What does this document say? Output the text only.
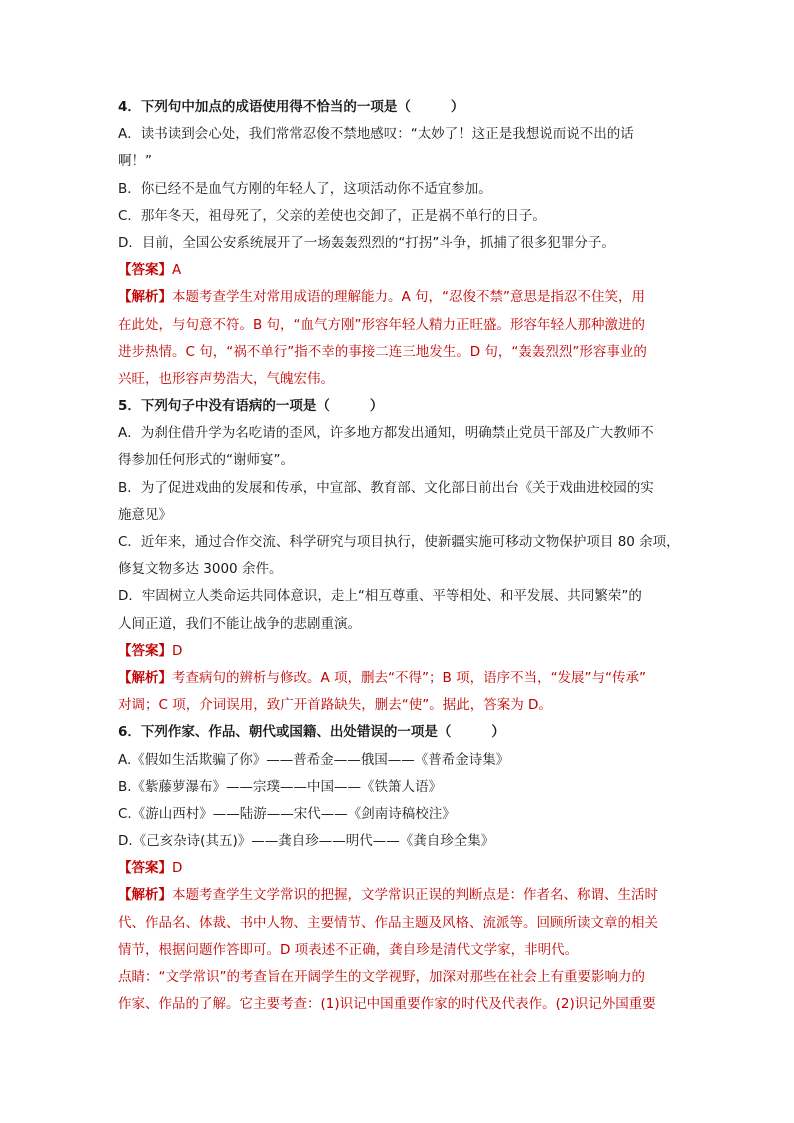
4．下列句中加点的成语使用得不恰当的一项是（	）
A．读书读到会心处，我们常常忍俊不禁地感叹：“太妙了！这正是我想说而说不出的话
啊！”
B．你已经不是血气方刚的年轻人了，这项活动你不适宜参加。
C．那年冬天，祖母死了，父亲的差使也交卸了，正是祸不单行的日子。
D．目前，全国公安系统展开了一场轰轰烈烈的“打拐”斗争，抓捕了很多犯罪分子。
【答案】A
【解析】本题考查学生对常用成语的理解能力。A 句，“忍俊不禁”意思是指忍不住笑，用
在此处，与句意不符。B 句，“血气方刚”形容年轻人精力正旺盛。形容年轻人那种激进的
进步热情。C 句，“祸不单行”指不幸的事接二连三地发生。D 句，“轰轰烈烈”形容事业的
兴旺，也形容声势浩大，气魄宏伟。
5．下列句子中没有语病的一项是（	）
A．为刹住借升学为名吃请的歪风，许多地方都发出通知，明确禁止党员干部及广大教师不
得参加任何形式的“谢师宴”。
B．为了促进戏曲的发展和传承，中宣部、教育部、文化部日前出台《关于戏曲进校园的实
施意见》
C．近年来，通过合作交流、科学研究与项目执行，使新疆实施可移动文物保护项目 80 余项，
修复文物多达 3000 余件。
D．牢固树立人类命运共同体意识，走上“相互尊重、平等相处、和平发展、共同繁荣”的
人间正道，我们不能让战争的悲剧重演。
【答案】D
【解析】考查病句的辨析与修改。A 项，删去“不得”；B 项，语序不当，“发展”与“传承”
对调；C 项，介词误用，致广开首路缺失，删去“使”。据此，答案为 D。
6．下列作家、作品、朝代或国籍、出处错误的一项是（	）
A.《假如生活欺骗了你》——普希金——俄国——《普希金诗集》
B.《紫藤萝瀑布》——宗璞——中国——《铁箫人语》
C.《游山西村》——陆游——宋代——《剑南诗稿校注》
D.《己亥杂诗(其五)》——龚自珍——明代——《龚自珍全集》
【答案】D
【解析】本题考查学生文学常识的把握，文学常识正误的判断点是：作者名、称谓、生活时
代、作品名、体裁、书中人物、主要情节、作品主题及风格、流派等。回顾所读文章的相关
情节，根据问题作答即可。D 项表述不正确，龚自珍是清代文学家，非明代。
点睛：“文学常识”的考查旨在开阔学生的文学视野，加深对那些在社会上有重要影响力的
作家、作品的了解。它主要考查：(1)识记中国重要作家的时代及代表作。(2)识记外国重要
